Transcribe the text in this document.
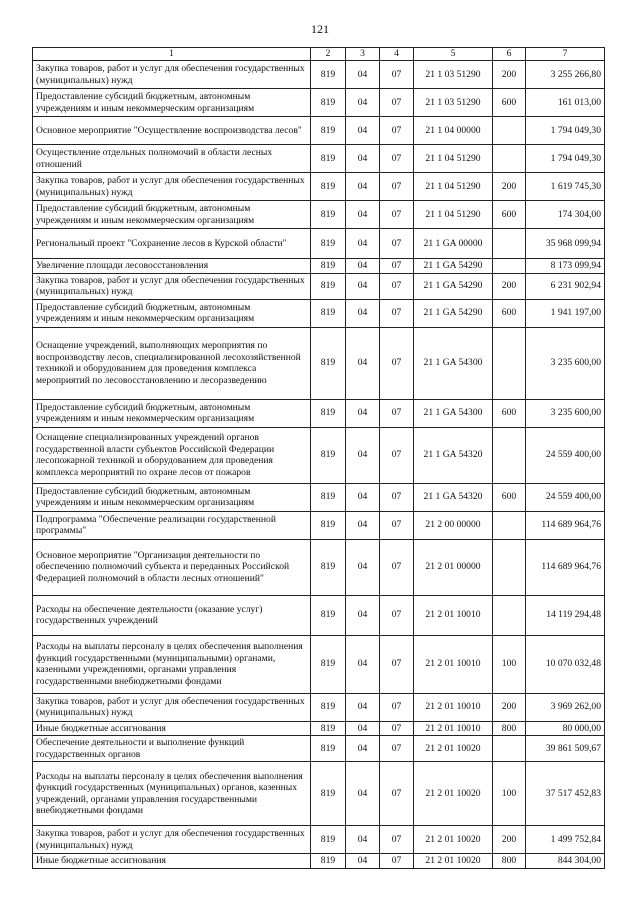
121
1	2	3	4	5	6	7
Закупка товаров, работ и услуг для обеспечения государственных (муниципальных) нужд	819	04	07	21 1 03 51290	200	3 255 266,80
Предоставление субсидий бюджетным, автономным учреждениям и иным некоммерческим организациям	819	04	07	21 1 03 51290	600	161 013,00
Основное мероприятие "Осуществление воспроизводства лесов"	819	04	07	21 1 04 00000		1 794 049,30
Осуществление отдельных полномочий в области лесных отношений	819	04	07	21 1 04 51290		1 794 049,30
Закупка товаров, работ и услуг для обеспечения государственных (муниципальных) нужд	819	04	07	21 1 04 51290	200	1 619 745,30
Предоставление субсидий бюджетным, автономным учреждениям и иным некоммерческим организациям	819	04	07	21 1 04 51290	600	174 304,00
Региональный проект "Сохранение лесов в Курской области"	819	04	07	21 1 GA 00000		35 968 099,94
Увеличение площади лесовосстановления	819	04	07	21 1 GA 54290		8 173 099,94
Закупка товаров, работ и услуг для обеспечения государственных (муниципальных) нужд	819	04	07	21 1 GA 54290	200	6 231 902,94
Предоставление субсидий бюджетным, автономным учреждениям и иным некоммерческим организациям	819	04	07	21 1 GA 54290	600	1 941 197,00
Оснащение учреждений, выполняющих мероприятия по воспроизводству лесов, специализированной лесохозяйственной техникой и оборудованием для проведения комплекса мероприятий по лесовосстановлению и лесоразведению	819	04	07	21 1 GA 54300		3 235 600,00
Предоставление субсидий бюджетным, автономным учреждениям и иным некоммерческим организациям	819	04	07	21 1 GA 54300	600	3 235 600,00
Оснащение специализированных учреждений органов государственной власти субъектов Российской Федерации лесопожарной техникой и оборудованием для проведения комплекса мероприятий по охране лесов от пожаров	819	04	07	21 1 GA 54320		24 559 400,00
Предоставление субсидий бюджетным, автономным учреждениям и иным некоммерческим организациям	819	04	07	21 1 GA 54320	600	24 559 400,00
Подпрограмма "Обеспечение реализации государственной программы"	819	04	07	21 2 00 00000		114 689 964,76
Основное мероприятие "Организация деятельности по обеспечению полномочий субъекта и переданных Российской Федерацией полномочий в области лесных отношений"	819	04	07	21 2 01 00000		114 689 964,76
Расходы на обеспечение деятельности (оказание услуг) государственных учреждений	819	04	07	21 2 01 10010		14 119 294,48
Расходы на выплаты персоналу в целях обеспечения выполнения функций государственными (муниципальными) органами, казенными учреждениями, органами управления государственными внебюджетными фондами	819	04	07	21 2 01 10010	100	10 070 032,48
Закупка товаров, работ и услуг для обеспечения государственных (муниципальных) нужд	819	04	07	21 2 01 10010	200	3 969 262,00
Иные бюджетные ассигнования	819	04	07	21 2 01 10010	800	80 000,00
Обеспечение деятельности и выполнение функций государственных органов	819	04	07	21 2 01 10020		39 861 509,67
Расходы на выплаты персоналу в целях обеспечения выполнения функций государственных (муниципальных) органов, казенных учреждений, органами управления государственными внебюджетными фондами	819	04	07	21 2 01 10020	100	37 517 452,83
Закупка товаров, работ и услуг для обеспечения государственных (муниципальных) нужд	819	04	07	21 2 01 10020	200	1 499 752,84
Иные бюджетные ассигнования	819	04	07	21 2 01 10020	800	844 304,00
